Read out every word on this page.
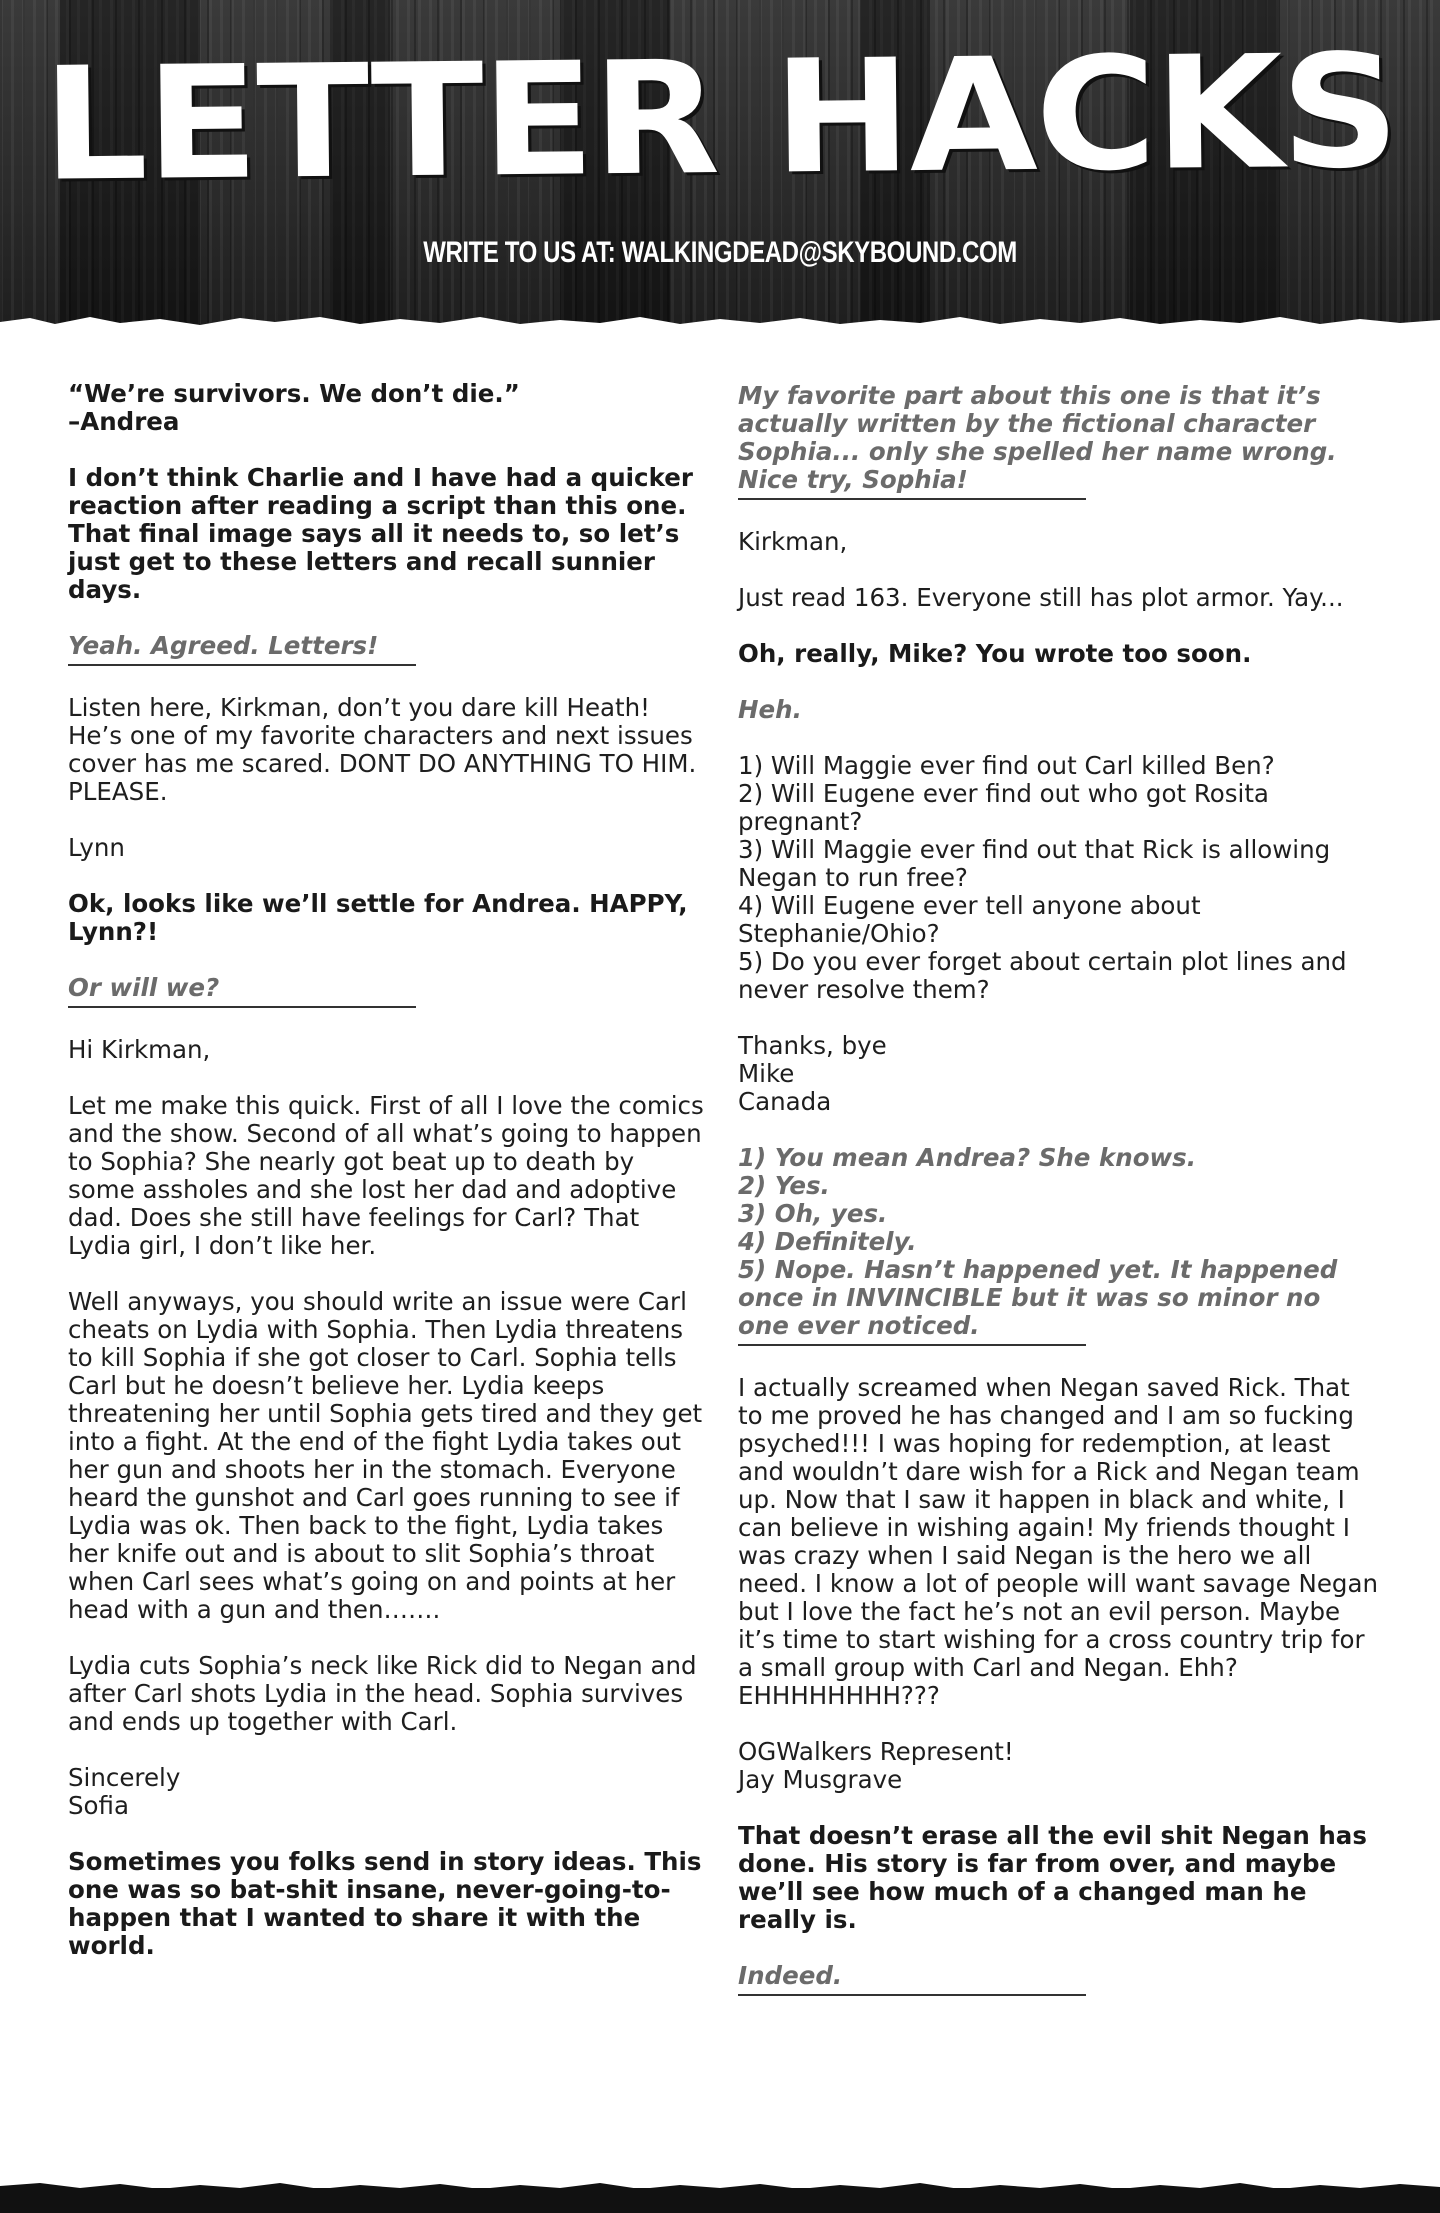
LETTER HACKS
WRITE TO US AT: WALKINGDEAD@SKYBOUND.COM

“We’re survivors. We don’t die.”

–Andrea

I don’t think Charlie and I have had a quicker reaction after reading a script than this one. That final image says all it needs to, so let’s just get to these letters and recall sunnier days.

Yeah. Agreed. Letters!

Listen here, Kirkman, don’t you dare kill Heath! He’s one of my favorite characters and next issues cover has me scared. DONT DO ANYTHING TO HIM. PLEASE.

Lynn

Ok, looks like we’ll settle for Andrea. HAPPY, Lynn?!

Or will we?

Hi Kirkman,

Let me make this quick. First of all I love the comics and the show. Second of all what’s going to happen to Sophia? She nearly got beat up to death by some assholes and she lost her dad and adoptive dad. Does she still have feelings for Carl? That Lydia girl, I don’t like her.

Well anyways, you should write an issue were Carl cheats on Lydia with Sophia. Then Lydia threatens to kill Sophia if she got closer to Carl. Sophia tells Carl but he doesn’t believe her. Lydia keeps threatening her until Sophia gets tired and they get into a fight. At the end of the fight Lydia takes out her gun and shoots her in the stomach. Everyone heard the gunshot and Carl goes running to see if Lydia was ok. Then back to the fight, Lydia takes her knife out and is about to slit Sophia’s throat when Carl sees what’s going on and points at her head with a gun and then…….

Lydia cuts Sophia’s neck like Rick did to Negan and after Carl shots Lydia in the head. Sophia survives and ends up together with Carl.

Sincerely

Sofia

Sometimes you folks send in story ideas. This one was so bat-shit insane, never-going-to-happen that I wanted to share it with the world.

My favorite part about this one is that it’s actually written by the fictional character Sophia... only she spelled her name wrong. Nice try, Sophia!

Kirkman,

Just read 163. Everyone still has plot armor. Yay...

Oh, really, Mike? You wrote too soon.

Heh.

1) Will Maggie ever find out Carl killed Ben?
2) Will Eugene ever find out who got Rosita pregnant?
3) Will Maggie ever find out that Rick is allowing Negan to run free?
4) Will Eugene ever tell anyone about Stephanie/Ohio?
5) Do you ever forget about certain plot lines and never resolve them?

Thanks, bye
Mike
Canada

1) You mean Andrea? She knows.
2) Yes.
3) Oh, yes.
4) Definitely.
5) Nope. Hasn’t happened yet. It happened once in INVINCIBLE but it was so minor no one ever noticed.

I actually screamed when Negan saved Rick. That to me proved he has changed and I am so fucking psyched!!! I was hoping for redemption, at least and wouldn’t dare wish for a Rick and Negan team up. Now that I saw it happen in black and white, I can believe in wishing again! My friends thought I was crazy when I said Negan is the hero we all need. I know a lot of people will want savage Negan but I love the fact he’s not an evil person. Maybe it’s time to start wishing for a cross country trip for a small group with Carl and Negan. Ehh? EHHHHHHHH???

OGWalkers Represent!

Jay Musgrave

That doesn’t erase all the evil shit Negan has done. His story is far from over, and maybe we’ll see how much of a changed man he really is.

Indeed.
